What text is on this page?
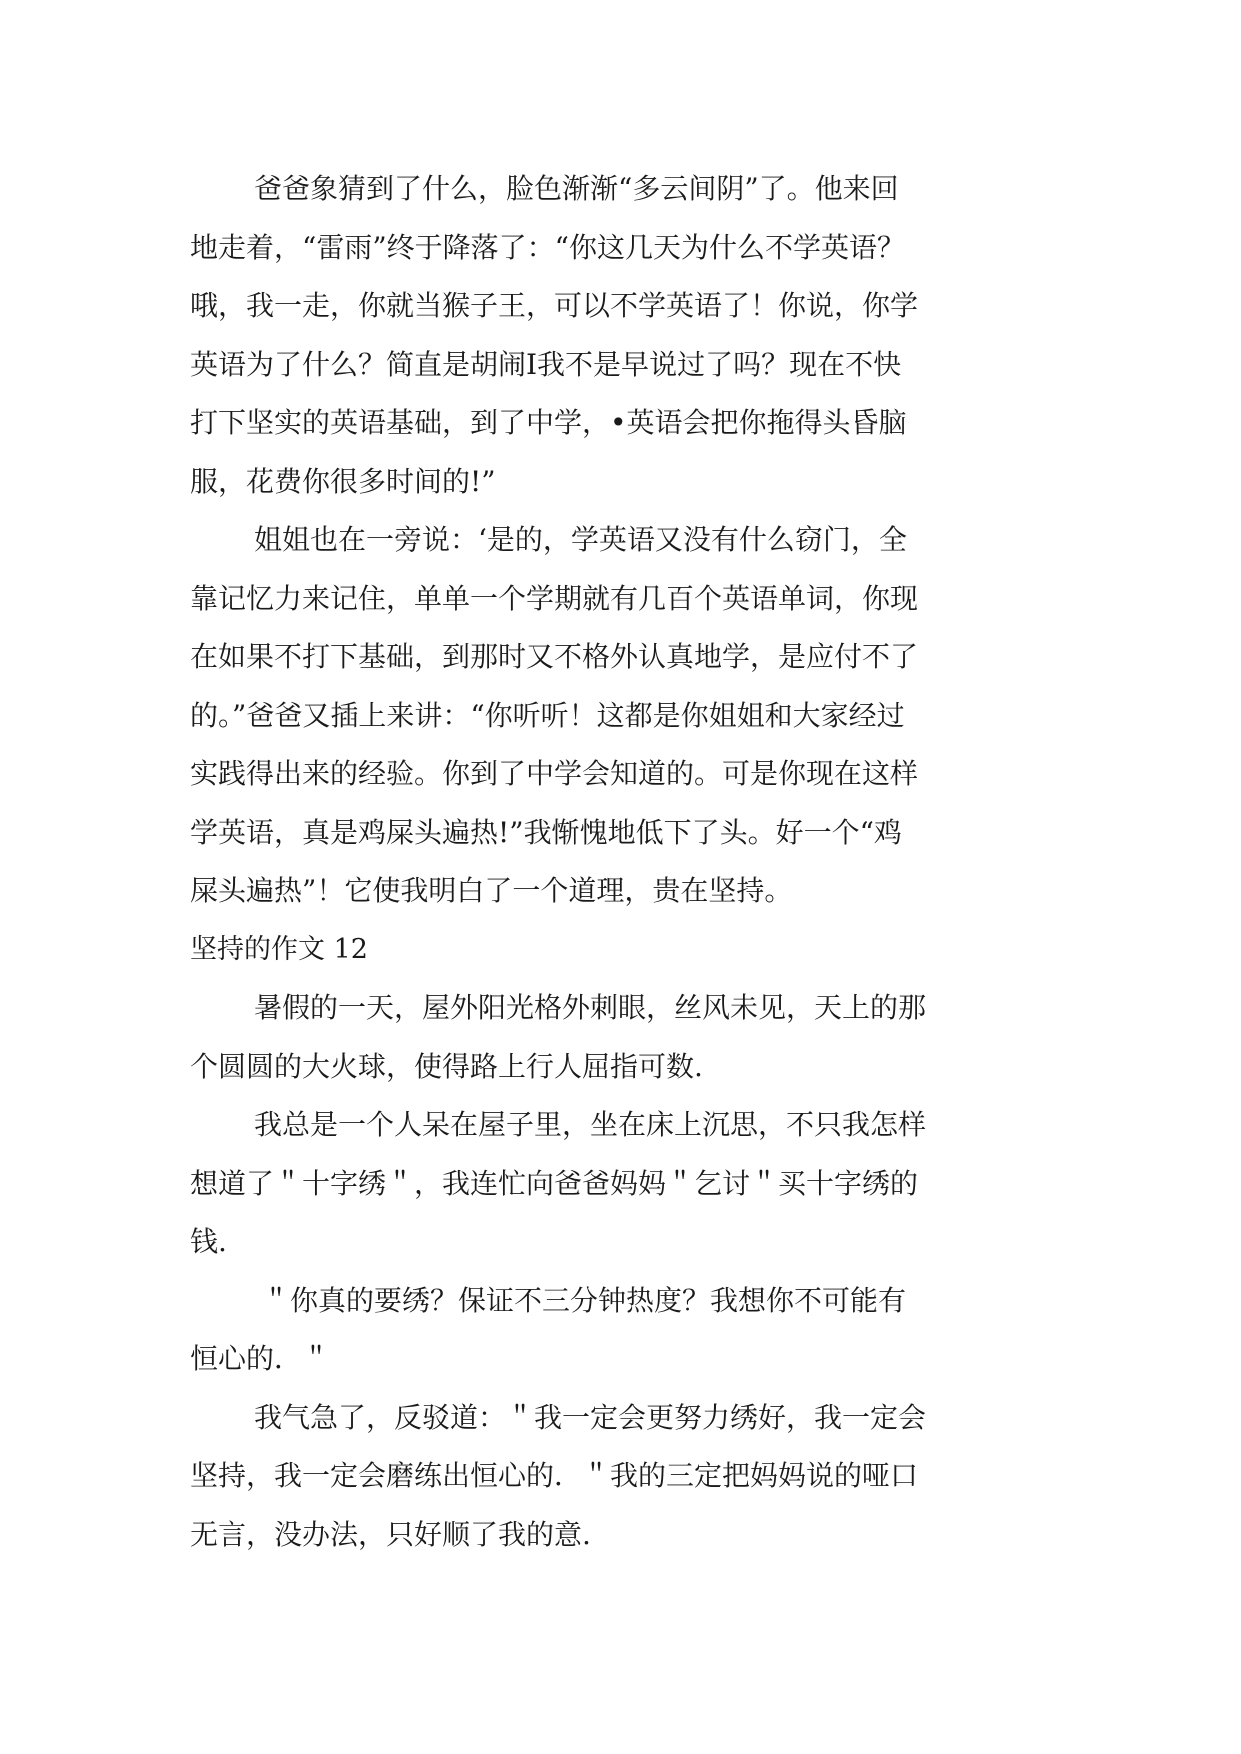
爸爸象猜到了什么，脸色渐渐“多云间阴”了。他来回
地走着，“雷雨”终于降落了：“你这几天为什么不学英语？
哦，我一走，你就当猴子王，可以不学英语了！你说，你学
英语为了什么？简直是胡闹I我不是早说过了吗？现在不快
打下坚实的英语基础，到了中学，•英语会把你拖得头昏脑
服，花费你很多时间的!”
姐姐也在一旁说：‘是的，学英语又没有什么窃门，全
靠记忆力来记住，单单一个学期就有几百个英语单词，你现
在如果不打下基础，到那时又不格外认真地学，是应付不了
的。”爸爸又插上来讲：“你听听！这都是你姐姐和大家经过
实践得出来的经验。你到了中学会知道的。可是你现在这样
学英语，真是鸡屎头遍热!”我惭愧地低下了头。好一个“鸡
屎头遍热”！它使我明白了一个道理，贵在坚持。
坚持的作文 12
暑假的一天，屋外阳光格外刺眼，丝风未见，天上的那
个圆圆的大火球，使得路上行人屈指可数.
我总是一个人呆在屋子里，坐在床上沉思，不只我怎样
想道了＂十字绣＂，我连忙向爸爸妈妈＂乞讨＂买十字绣的
钱.
＂你真的要绣？保证不三分钟热度？我想你不可能有
恒心的．＂
我气急了，反驳道：＂我一定会更努力绣好，我一定会
坚持，我一定会磨练出恒心的．＂我的三定把妈妈说的哑口
无言，没办法，只好顺了我的意.
